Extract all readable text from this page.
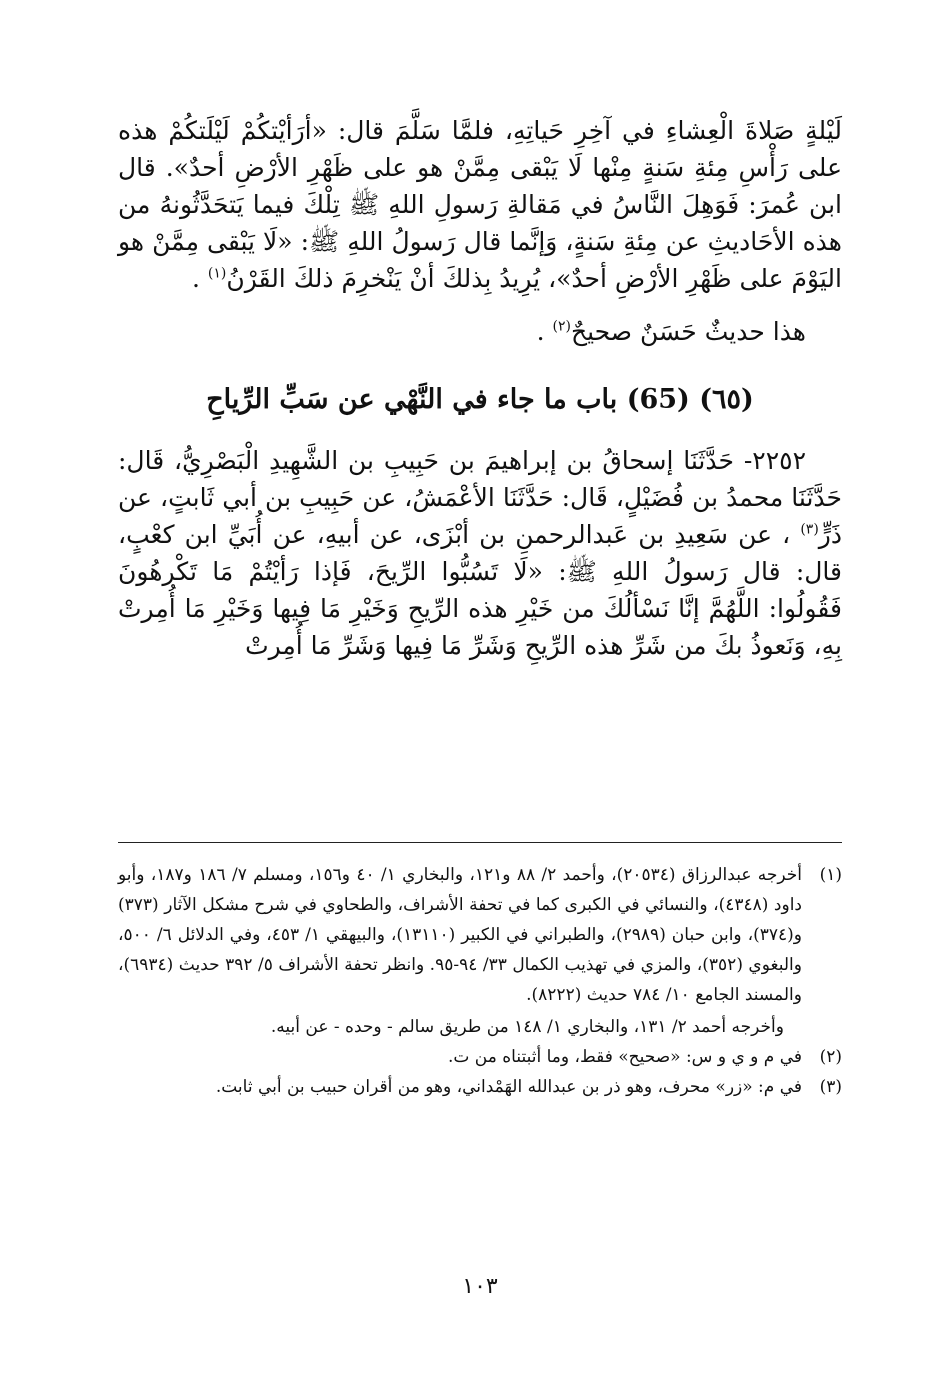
لَيْلةٍ صَلاةَ الْعِشاءِ في آخِرِ حَياتِهِ، فلمَّا سَلَّمَ قال: «أرَأيْتكُمْ لَيْلَتكُمْ هذه على رَأْسِ مِئةِ سَنةٍ مِنْها لَا يَبْقى مِمَّنْ هو على ظَهْرِ الأرْضِ أحدٌ». قال ابن عُمرَ: فَوَهِلَ النَّاسُ في مَقالةِ رَسولِ اللهِ ﷺ تِلْكَ فيما يَتحَدَّثُونهُ من هذه الأحَاديثِ عن مِئةِ سَنةٍ، وَإنَّما قال رَسولُ اللهِ ﷺ: «لَا يَبْقى مِمَّنْ هو اليَوْمَ على ظَهْرِ الأرْضِ أحدٌ»، يُرِيدُ بِذلكَ أنْ يَنْخرِمَ ذلكَ القَرْنُ$^{(١)}$ .

هذا حديثٌ حَسَنٌ صحيحٌ$^{(٢)}$ .

(٦٥) (65) باب ما جاء في النَّهْي عن سَبِّ الرِّياحِ

٢٢٥٢- حَدَّثَنَا إسحاقُ بن إبراهيمَ بن حَبِيبِ بن الشَّهِيدِ الْبَصْرِيُّ، قَال: حَدَّثَنَا محمدُ بن فُضَيْلٍ، قَال: حَدَّثَنَا الأعْمَشُ، عن حَبِيبِ بن أبي ثَابتٍ، عن ذَرٍّ$^{(٣)}$ ، عن سَعِيدِ بن عَبدالرحمنِ بن أبْزَى، عن أبيهِ، عن أُبَيِّ ابن كعْبٍ، قال: قال رَسولُ اللهِ ﷺ: «لَا تَسُبُّوا الرِّيحَ، فَإذا رَأيْتُمْ مَا تَكْرهُونَ فَقُولُوا: اللَّهُمَّ إنَّا نَسْألُكَ من خَيْرِ هذه الرِّيحِ وَخَيْرِ مَا فِيها وَخَيْرِ مَا أُمِرتْ بِهِ، وَنَعوذُ بكَ من شَرِّ هذه الرِّيحِ وَشَرِّ مَا فِيها وَشَرِّ مَا أُمِرتْ

(١)
أخرجه عبدالرزاق (٢٠٥٣٤)، وأحمد ٢/ ٨٨ و١٢١، والبخاري ١/ ٤٠ و١٥٦، ومسلم ٧/ ١٨٦ و١٨٧، وأبو داود (٤٣٤٨)، والنسائي في الكبرى كما في تحفة الأشراف، والطحاوي في شرح مشكل الآثار (٣٧٣) و(٣٧٤)، وابن حبان (٢٩٨٩)، والطبراني في الكبير (١٣١١٠)، والبيهقي ١/ ٤٥٣، وفي الدلائل ٦/ ٥٠٠، والبغوي (٣٥٢)، والمزي في تهذيب الكمال ٣٣/ ٩٤-٩٥. وانظر تحفة الأشراف ٥/ ٣٩٢ حديث (٦٩٣٤)، والمسند الجامع ١٠/ ٧٨٤ حديث (٨٢٢٢).

وأخرجه أحمد ٢/ ١٣١، والبخاري ١/ ١٤٨ من طريق سالم - وحده - عن أبيه.

(٢)
في م و ي و س: «صحيح» فقط، وما أثبتناه من ت.
(٣)
في م: «زر» محرف، وهو ذر بن عبدالله الهَمْداني، وهو من أقران حبيب بن أبي ثابت.
١٠٣
